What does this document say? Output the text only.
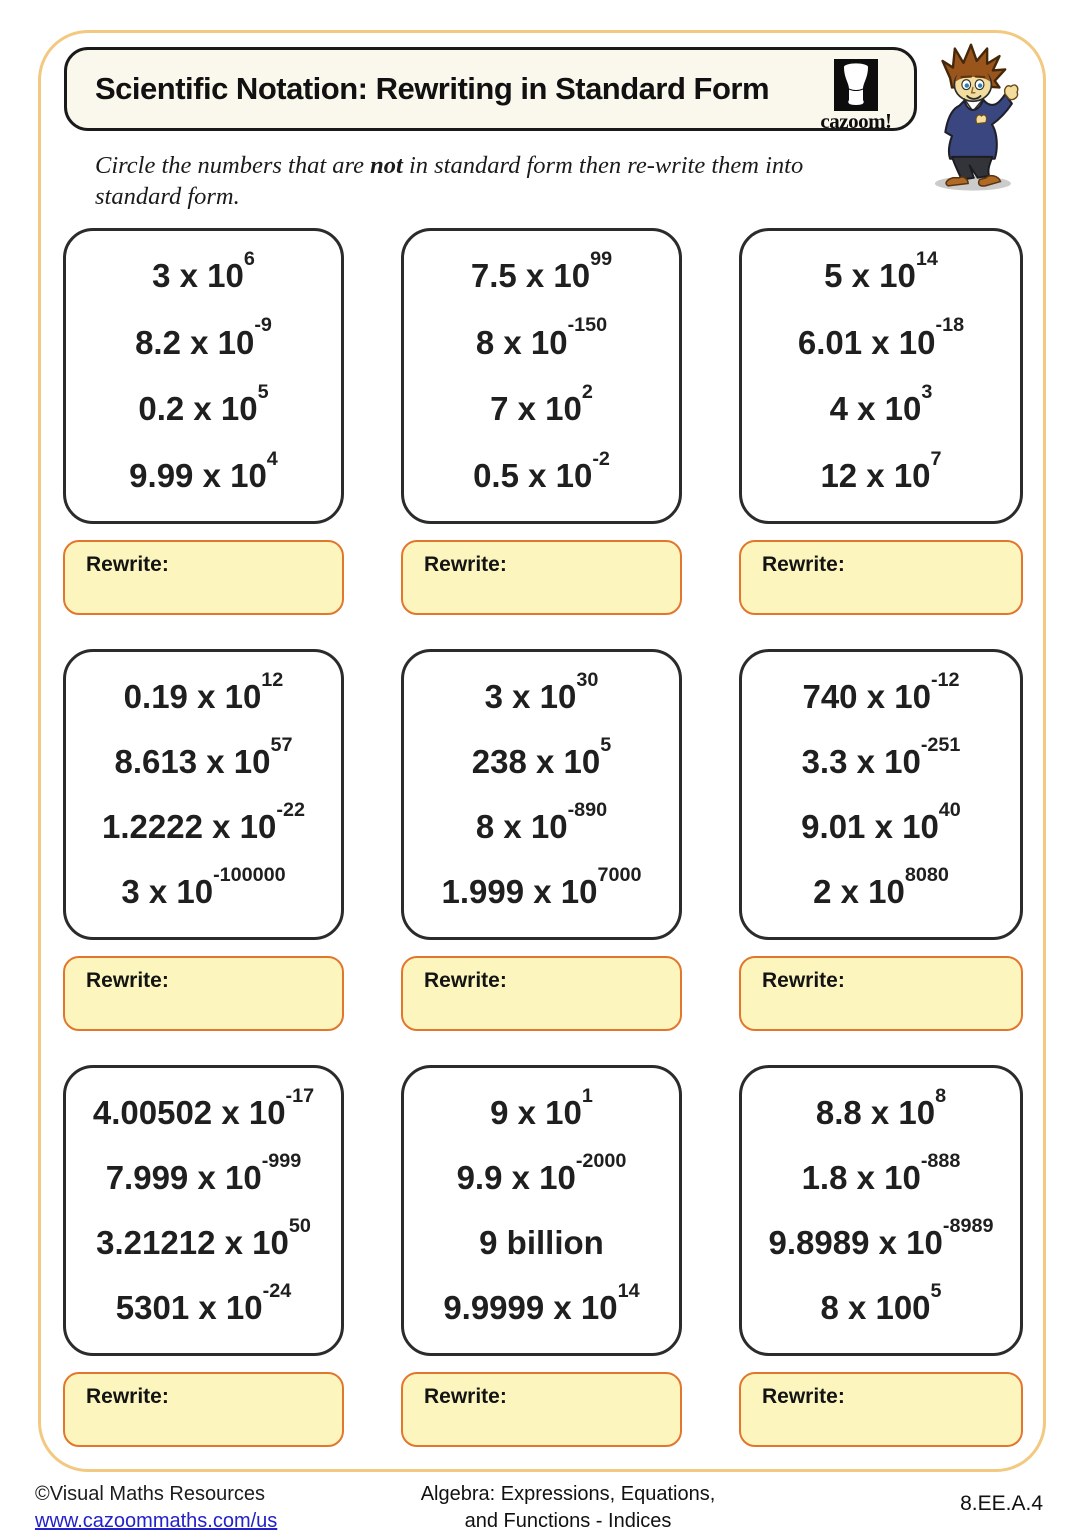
Scientific Notation: Rewriting in Standard Form
cazoom!

Circle the numbers that are not in standard form then re-write them into standard form.

3 x $10^6$
8.2 x $10^{-9}$
0.2 x $10^5$
9.99 x $10^4$
Rewrite:
7.5 x $10^{99}$
8 x $10^{-150}$
7 x $10^2$
0.5 x $10^{-2}$
Rewrite:
5 x $10^{14}$
6.01 x $10^{-18}$
4 x $10^3$
12 x $10^7$
Rewrite:
0.19 x $10^{12}$
8.613 x $10^{57}$
1.2222 x $10^{-22}$
3 x $10^{-100000}$
Rewrite:
3 x $10^{30}$
238 x $10^5$
8 x $10^{-890}$
1.999 x $10^{7000}$
Rewrite:
740 x $10^{-12}$
3.3 x $10^{-251}$
9.01 x $10^{40}$
2 x $10^{8080}$
Rewrite:
4.00502 x $10^{-17}$
7.999 x $10^{-999}$
3.21212 x $10^{50}$
5301 x $10^{-24}$
Rewrite:
9 x $10^1$
9.9 x $10^{-2000}$
9 billion
9.9999 x $10^{14}$
Rewrite:
8.8 x $10^8$
1.8 x $10^{-888}$
9.8989 x $10^{-8989}$
8 x $100^5$
Rewrite:
©Visual Maths Resources
www.cazoommaths.com/us
Algebra: Expressions, Equations,
and Functions - Indices
8.EE.A.4
